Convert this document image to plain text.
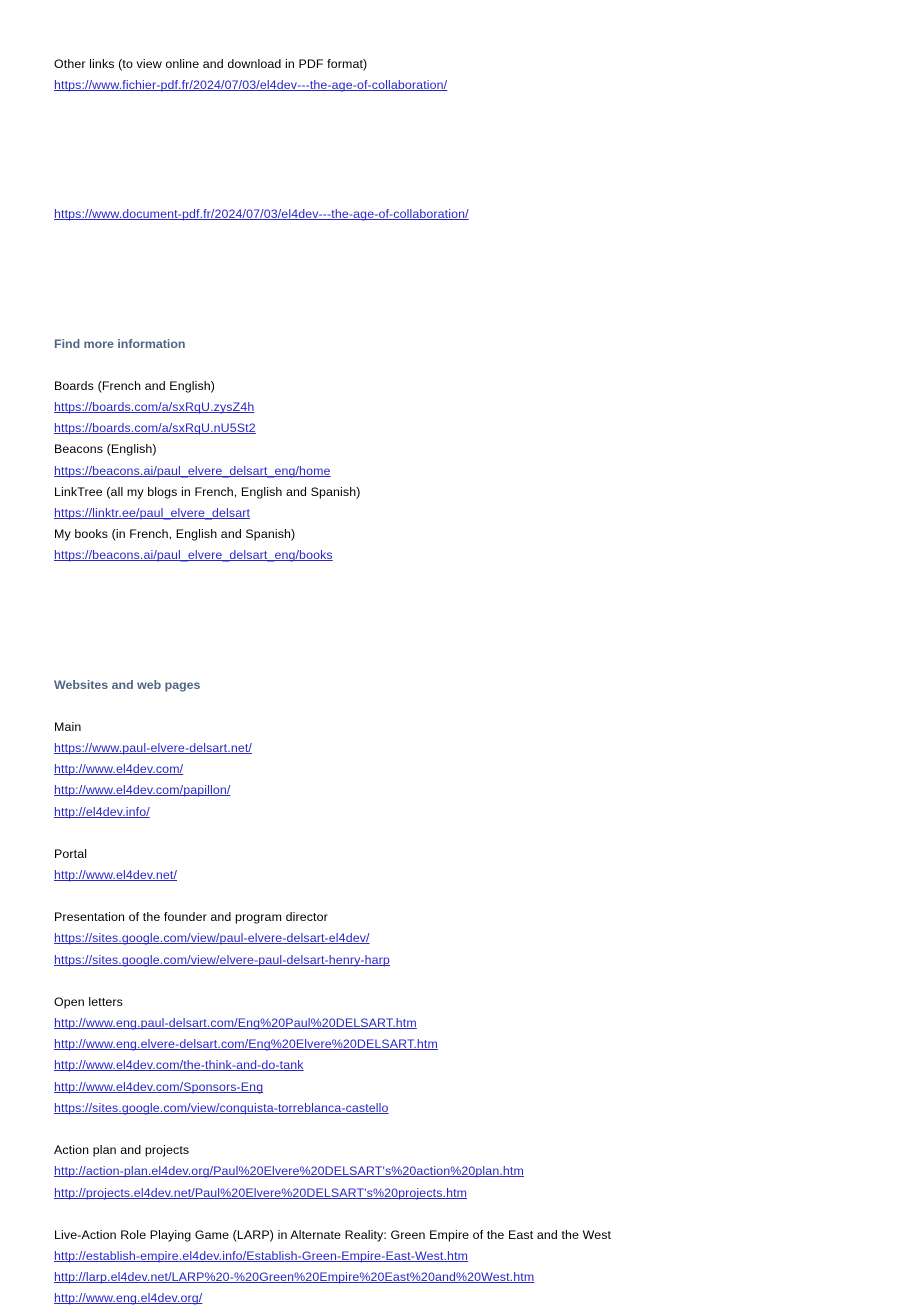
Other links (to view online and download in PDF format)
https://www.fichier-pdf.fr/2024/07/03/el4dev---the-age-of-collaboration/
https://www.document-pdf.fr/2024/07/03/el4dev---the-age-of-collaboration/
Find more information
Boards (French and English)
https://boards.com/a/sxRqU.zysZ4h
https://boards.com/a/sxRqU.nU5St2
Beacons (English)
https://beacons.ai/paul_elvere_delsart_eng/home
LinkTree (all my blogs in French, English and Spanish)
https://linktr.ee/paul_elvere_delsart
My books (in French, English and Spanish)
https://beacons.ai/paul_elvere_delsart_eng/books
Websites and web pages
Main
https://www.paul-elvere-delsart.net/
http://www.el4dev.com/
http://www.el4dev.com/papillon/
http://el4dev.info/
Portal
http://www.el4dev.net/
Presentation of the founder and program director
https://sites.google.com/view/paul-elvere-delsart-el4dev/
https://sites.google.com/view/elvere-paul-delsart-henry-harp
Open letters
http://www.eng.paul-delsart.com/Eng%20Paul%20DELSART.htm
http://www.eng.elvere-delsart.com/Eng%20Elvere%20DELSART.htm
http://www.el4dev.com/the-think-and-do-tank
http://www.el4dev.com/Sponsors-Eng
https://sites.google.com/view/conquista-torreblanca-castello
Action plan and projects
http://action-plan.el4dev.org/Paul%20Elvere%20DELSART's%20action%20plan.htm
http://projects.el4dev.net/Paul%20Elvere%20DELSART's%20projects.htm
Live-Action Role Playing Game (LARP) in Alternate Reality: Green Empire of the East and the West
http://establish-empire.el4dev.info/Establish-Green-Empire-East-West.htm
http://larp.el4dev.net/LARP%20-%20Green%20Empire%20East%20and%20West.htm
http://www.eng.el4dev.org/
